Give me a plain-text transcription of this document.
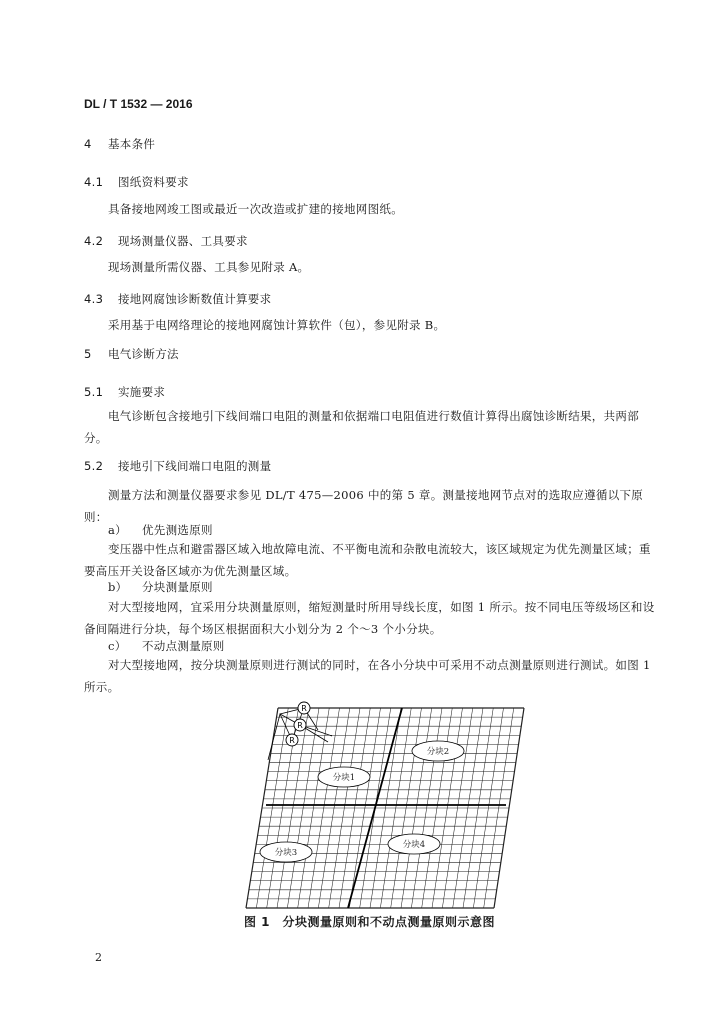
DL / T 1532 — 2016
4 基本条件
4.1 图纸资料要求
具备接地网竣工图或最近一次改造或扩建的接地网图纸。
4.2 现场测量仪器、工具要求
现场测量所需仪器、工具参见附录 A。
4.3 接地网腐蚀诊断数值计算要求
采用基于电网络理论的接地网腐蚀计算软件（包），参见附录 B。
5 电气诊断方法
5.1 实施要求
电气诊断包含接地引下线间端口电阻的测量和依据端口电阻值进行数值计算得出腐蚀诊断结果，共两部分。
5.2 接地引下线间端口电阻的测量
测量方法和测量仪器要求参见 DL/T 475—2006 中的第 5 章。测量接地网节点对的选取应遵循以下原则：
a） 优先测选原则
变压器中性点和避雷器区域入地故障电流、不平衡电流和杂散电流较大，该区域规定为优先测量区域；重要高压开关设备区域亦为优先测量区域。
b） 分块测量原则
对大型接地网，宜采用分块测量原则，缩短测量时所用导线长度，如图 1 所示。按不同电压等级场区和设备间隔进行分块，每个场区根据面积大小划分为 2 个～3 个小分块。
c） 不动点测量原则
对大型接地网，按分块测量原则进行测试的同时，在各小分块中可采用不动点测量原则进行测试。如图 1 所示。
R
R
R
分块1
分块2
分块3
分块4
图 1　分块测量原则和不动点测量原则示意图
2
